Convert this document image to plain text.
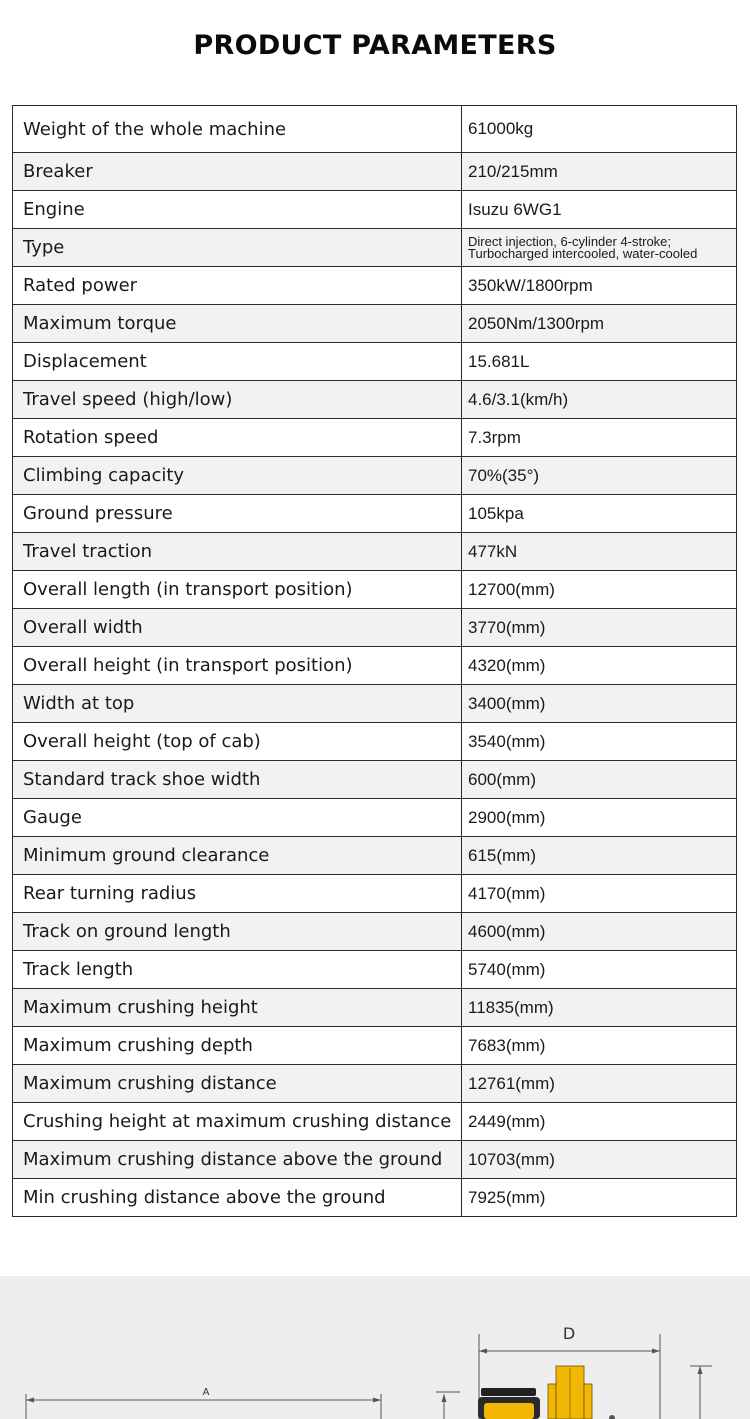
PRODUCT PARAMETERS
Weight of the whole machine	61000kg
Breaker	210/215mm
Engine	Isuzu 6WG1
Type	Direct injection, 6-cylinder 4-stroke; Turbocharged intercooled, water-cooled
Rated power	350kW/1800rpm
Maximum torque	2050Nm/1300rpm
Displacement	15.681L
Travel speed (high/low)	4.6/3.1(km/h)
Rotation speed	7.3rpm
Climbing capacity	70%(35°)
Ground pressure	105kpa
Travel traction	477kN
Overall length (in transport position)	12700(mm)
Overall width	3770(mm)
Overall height (in transport position)	4320(mm)
Width at top	3400(mm)
Overall height (top of cab)	3540(mm)
Standard track shoe width	600(mm)
Gauge	2900(mm)
Minimum ground clearance	615(mm)
Rear turning radius	4170(mm)
Track on ground length	4600(mm)
Track length	5740(mm)
Maximum crushing height	11835(mm)
Maximum crushing depth	7683(mm)
Maximum crushing distance	12761(mm)
Crushing height at maximum crushing distance	2449(mm)
Maximum crushing distance above the ground	10703(mm)
Min crushing distance above the ground	7925(mm)
A
D
